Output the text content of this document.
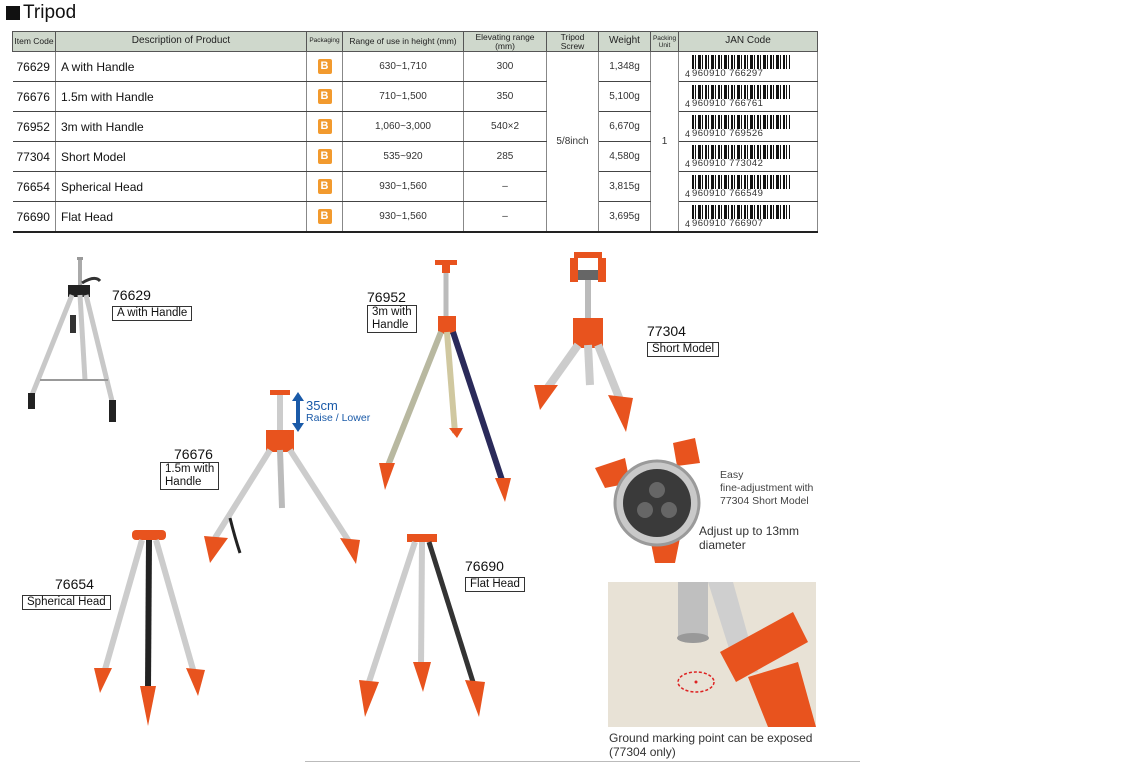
Tripod
Item Code	Description of Product	Packaging	Range of use in height (mm)	Elevating range (mm)	Tripod Screw	Weight	Packing Unit	JAN Code
76629	A with Handle	B	630~1,710	300	5/8inch	1,348g	1	4 960910 766297

76676	1.5m with Handle	B	710~1,500	350		5,100g		4 960910 766761

76952	3m with Handle	B	1,060~3,000	540×2		6,670g		4 960910 769526

77304	Short Model	B	535~920	285		4,580g		4 960910 773042

76654	Spherical Head	B	930~1,560	–		3,815g		4 960910 766549

76690	Flat Head	B	930~1,560	–		3,695g		4 960910 766907
76629
A with Handle
76952
3m with
Handle	77304
Short Model
35cm
Raise / Lower
76676
1.5m with
Handle
Easy
fine-adjustment with
77304 Short Model
Adjust up to 13mm
diameter
76654
Spherical Head
76690
Flat Head
Ground marking point can be exposed
(77304 only)
